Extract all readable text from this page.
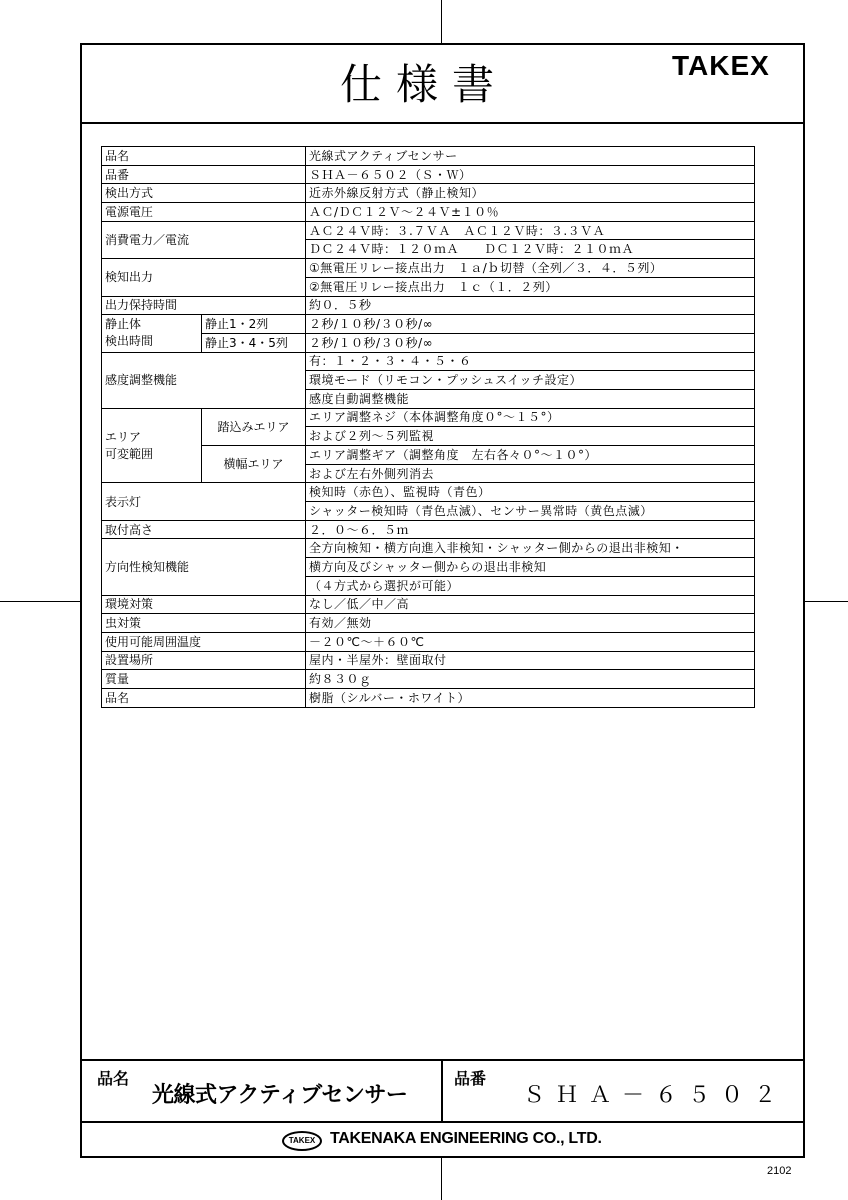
仕様書	TAKEX
品名		光線式アクティブセンサー
品番		ＳＨＡ－６５０２（Ｓ・Ｗ）
検出方式		近赤外線反射方式（静止検知）
電源電圧		ＡＣ/ＤＣ１２Ｖ～２４Ｖ±１０％
消費電力／電流		ＡＣ２４Ｖ時：３.７ＶＡ　ＡＣ１２Ｖ時：３.３ＶＡ
		ＤＣ２４Ｖ時：１２０ｍＡ　　ＤＣ１２Ｖ時：２１０ｍＡ
検知出力		①無電圧リレー接点出力　１ａ/ｂ切替（全列／３．４．５列）
		②無電圧リレー接点出力　１ｃ（１．２列）
出力保持時間		約０．５秒

静止体
検出時間	静止1・2列	２秒/１０秒/３０秒/∞
	静止3・4・5列	２秒/１０秒/３０秒/∞
感度調整機能		有：１・２・３・４・５・６
		環境モード（リモコン・プッシュスイッチ設定）
		感度自動調整機能

エリア
可変範囲	踏込みエリア	エリア調整ネジ（本体調整角度０°～１５°）
		および２列～５列監視
	横幅エリア	エリア調整ギア（調整角度　左右各々０°～１０°）
		および左右外側列消去
表示灯		検知時（赤色）、監視時（青色）
		シャッター検知時（青色点滅）、センサー異常時（黄色点滅）
取付高さ		２．０～６．５ｍ
方向性検知機能		全方向検知・横方向進入非検知・シャッター側からの退出非検知・
		横方向及びシャッター側からの退出非検知
		（４方式から選択が可能）
環境対策		なし／低／中／高
虫対策		有効／無効
使用可能周囲温度		－２０℃～＋６０℃
設置場所		屋内・半屋外：壁面取付
質量		約８３０ｇ
品名		樹脂（シルバー・ホワイト）
品名
光線式アクティブセンサー
品番
ＳＨＡ－６５０２
TAKEX TAKENAKA ENGINEERING CO., LTD.
2102
